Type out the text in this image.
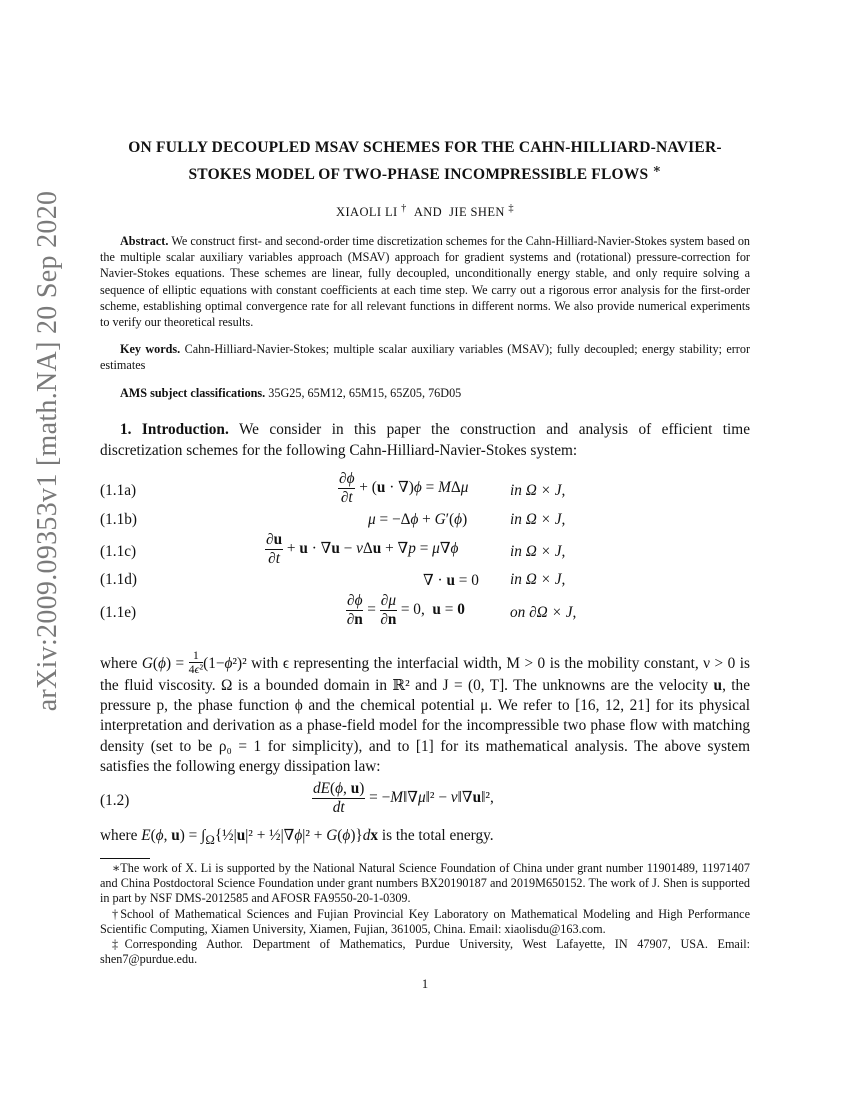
arXiv:2009.09353v1 [math.NA] 20 Sep 2020
ON FULLY DECOUPLED MSAV SCHEMES FOR THE CAHN-HILLIARD-NAVIER-STOKES MODEL OF TWO-PHASE INCOMPRESSIBLE FLOWS ∗
XIAOLI LI † AND JIE SHEN ‡
Abstract. We construct first- and second-order time discretization schemes for the Cahn-Hilliard-Navier-Stokes system based on the multiple scalar auxiliary variables approach (MSAV) approach for gradient systems and (rotational) pressure-correction for Navier-Stokes equations. These schemes are linear, fully decoupled, unconditionally energy stable, and only require solving a sequence of elliptic equations with constant coefficients at each time step. We carry out a rigorous error analysis for the first-order scheme, establishing optimal convergence rate for all relevant functions in different norms. We also provide numerical experiments to verify our theoretical results.
Key words. Cahn-Hilliard-Navier-Stokes; multiple scalar auxiliary variables (MSAV); fully decoupled; energy stability; error estimates
AMS subject classifications. 35G25, 65M12, 65M15, 65Z05, 76D05
1. Introduction. We consider in this paper the construction and analysis of efficient time discretization schemes for the following Cahn-Hilliard-Navier-Stokes system:
(1.1a)	$\frac{\partial\phi}{\partial t} + (u \cdot \nabla)\phi = M\Delta\mu$	in Ω × J,
(1.1b)	μ = −Δϕ + G′(ϕ)	in Ω × J,
(1.1c)	$\frac{\partial u}{\partial t} + u \cdot \nabla u - \nu\Delta u + \nabla p = \mu\nabla\phi$	in Ω × J,
(1.1d)	∇ · u = 0 in Ω × J,
(1.1e)	$\frac{\partial\phi}{\partial n} = \frac{\partial\mu}{\partial n} = 0$,  u = 0	on ∂Ω × J,
where $G(\phi) = \frac{1}{\text{4ϵ²}} (1-\phi^2)^2$ with ϵ representing the interfacial width, M > 0 is the mobility constant, ν > 0 is the fluid viscosity. Ω is a bounded domain in ℝ² and J = (0, T]. The unknowns are the velocity u, the pressure p, the phase function ϕ and the chemical potential μ. We refer to [16, 12, 21] for its physical interpretation and derivation as a phase-field model for the incompressible two phase flow with matching density (set to be ρ₀ = 1 for simplicity), and to [1] for its mathematical analysis. The above system satisfies the following energy dissipation law:
(1.2)	$\frac{dE(\phi, u)}{dt}$ = −M‖∇μ‖² − ν‖∇u‖²,
where E(ϕ, $u) = \int_\Omega\{\frac{1}{2}|u|^2$ + ½|∇ϕ|² + G(ϕ)}dx is the total energy.

∗The work of X. Li is supported by the National Natural Science Foundation of China under grant number 11901489, 11971407 and China Postdoctoral Science Foundation under grant numbers BX20190187 and 2019M650152. The work of J. Shen is supported in part by NSF DMS-2012585 and AFOSR FA9550-20-1-0309.

†School of Mathematical Sciences and Fujian Provincial Key Laboratory on Mathematical Modeling and High Performance Scientific Computing, Xiamen University, Xiamen, Fujian, 361005, China. Email: xiaolisdu@163.com.

‡Corresponding Author. Department of Mathematics, Purdue University, West Lafayette, IN 47907, USA. Email: shen7@purdue.edu.

1
